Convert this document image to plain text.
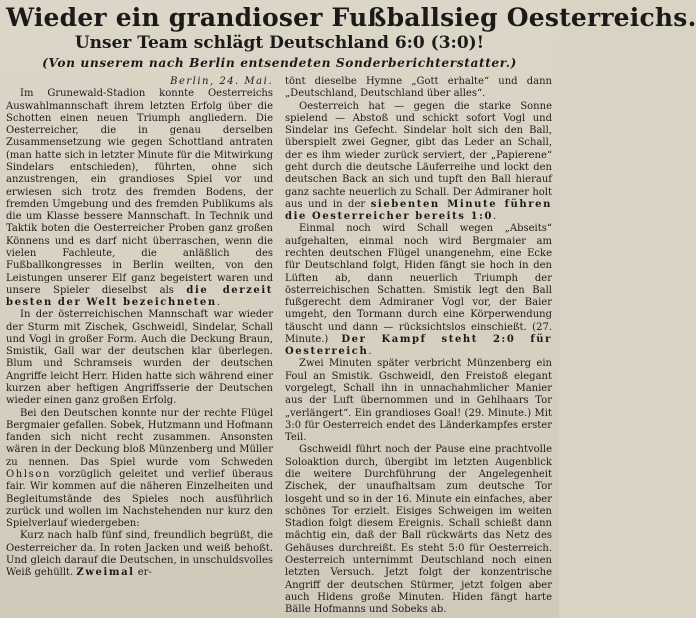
Wieder ein grandioser Fußballsieg Oesterreichs.
Unser Team schlägt Deutschland 6:0 (3:0)!
(Von unserem nach Berlin entsendeten Sonderberichterstatter.)

Berlin, 24. Mai.

Im Grunewald-Stadion konnte Oesterreichs Auswahlmannschaft ihrem letzten Erfolg über die Schotten einen neuen Triumph angliedern. Die Oesterreicher, die in genau derselben Zusammensetzung wie gegen Schottland antraten (man hatte sich in letzter Minute für die Mitwirkung Sindelars entschieden), führten, ohne sich anzustrengen, ein grandioses Spiel vor und erwiesen sich trotz des fremden Bodens, der fremden Umgebung und des fremden Publikums als die um Klasse bessere Mannschaft. In Technik und Taktik boten die Oesterreicher Proben ganz großen Könnens und es darf nicht überraschen, wenn die vielen Fachleute, die anläßlich des Fußballkongresses in Berlin weilten, von den Leistungen unserer Elf ganz begeistert waren und unsere Spieler dieselbst als die derzeit besten der Welt bezeichneten.

In der österreichischen Mannschaft war wieder der Sturm mit Zischek, Gschweidl, Sindelar, Schall und Vogl in großer Form. Auch die Deckung Braun, Smistik, Gall war der deutschen klar überlegen. Blum und Schramseis wurden der deutschen Angriffe leicht Herr. Hiden hatte sich während einer kurzen aber heftigen Angriffsserie der Deutschen wieder einen ganz großen Erfolg.

Bei den Deutschen konnte nur der rechte Flügel Bergmaier gefallen. Sobek, Hutzmann und Hofmann fanden sich nicht recht zusammen. Ansonsten wären in der Deckung bloß Münzenberg und Müller zu nennen. Das Spiel wurde vom Schweden Ohlson vorzüglich geleitet und verlief überaus fair. Wir kommen auf die näheren Einzelheiten und Begleitumstände des Spieles noch ausführlich zurück und wollen im Nachstehenden nur kurz den Spielverlauf wiedergeben:

Kurz nach halb fünf sind, freundlich begrüßt, die Oesterreicher da. In roten Jacken und weiß behoßt. Und gleich darauf die Deutschen, in unschuldsvolles Weiß gehüllt. Zweimal er-

tönt dieselbe Hymne „Gott erhalte“ und dann „Deutschland, Deutschland über alles“.

Oesterreich hat — gegen die starke Sonne spielend — Abstoß und schickt sofort Vogl und Sindelar ins Gefecht. Sindelar holt sich den Ball, überspielt zwei Gegner, gibt das Leder an Schall, der es ihm wieder zurück serviert, der „Papierene“ geht durch die deutsche Läuferreihe und lockt den deutschen Back an sich und tupft den Ball hierauf ganz sachte neuerlich zu Schall. Der Admiraner holt aus und in der siebenten Minute führen die Oesterreicher bereits 1:0.

Einmal noch wird Schall wegen „Abseits“ aufgehalten, einmal noch wird Bergmaier am rechten deutschen Flügel unangenehm, eine Ecke für Deutschland folgt, Hiden fängt sie hoch in den Lüften ab, dann neuerlich Triumph der österreichischen Schatten. Smistik legt den Ball fußgerecht dem Admiraner Vogl vor, der Baier umgeht, den Tormann durch eine Körperwendung täuscht und dann — rücksichtslos einschießt. (27. Minute.) Der Kampf steht 2:0 für Oesterreich.

Zwei Minuten später verbricht Münzenberg ein Foul an Smistik. Gschweidl, den Freistoß elegant vorgelegt, Schall ihn in unnachahmlicher Manier aus der Luft übernommen und in Gehlhaars Tor „verlängert“. Ein grandioses Goal! (29. Minute.) Mit 3:0 für Oesterreich endet des Länderkampfes erster Teil.

Gschweidl führt noch der Pause eine prachtvolle Soloaktion durch, übergibt im letzten Augenblick die weitere Durchführung der Angelegenheit Zischek, der unaufhaltsam zum deutsche Tor losgeht und so in der 16. Minute ein einfaches, aber schönes Tor erzielt. Eisiges Schweigen im weiten Stadion folgt diesem Ereignis. Schall schießt dann mächtig ein, daß der Ball rückwärts das Netz des Gehäuses durchreißt. Es steht 5:0 für Oesterreich. Oesterreich unternimmt Deutschland noch einen letzten Versuch. Jetzt folgt der konzentrische Angriff der deutschen Stürmer, jetzt folgen aber auch Hidens große Minuten. Hiden fängt harte Bälle Hofmanns und Sobeks ab.
